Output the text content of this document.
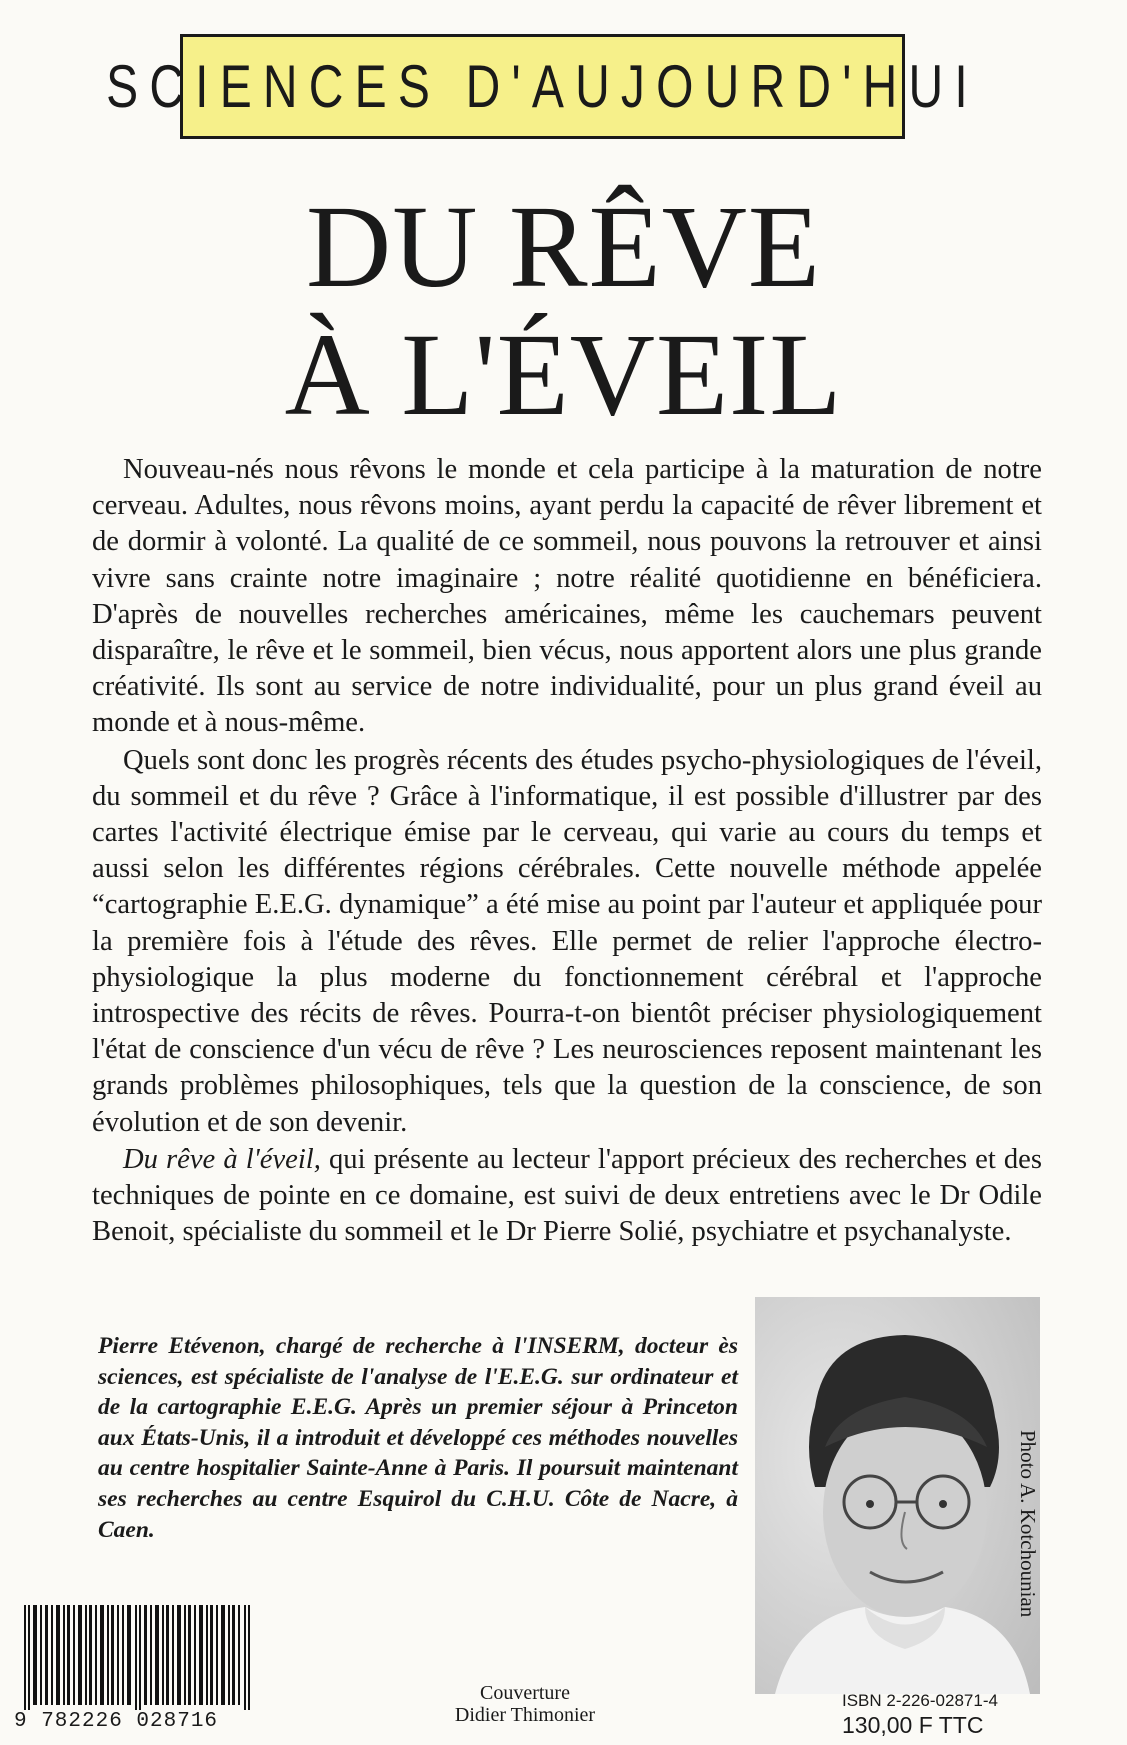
SCIENCES D'AUJOURD'HUI
DU RÊVE
À L'ÉVEIL

Nouveau-nés nous rêvons le monde et cela participe à la maturation de notre cerveau. Adultes, nous rêvons moins, ayant perdu la capacité de rêver librement et de dormir à volonté. La qualité de ce sommeil, nous pouvons la retrouver et ainsi vivre sans crainte notre imaginaire ; notre réalité quotidienne en bénéficiera. D'après de nouvelles recherches américaines, même les cauchemars peuvent disparaître, le rêve et le sommeil, bien vécus, nous apportent alors une plus grande créativité. Ils sont au service de notre individualité, pour un plus grand éveil au monde et à nous-même.

Quels sont donc les progrès récents des études psycho-physiologiques de l'éveil, du sommeil et du rêve ? Grâce à l'informatique, il est possible d'illustrer par des cartes l'activité électrique émise par le cerveau, qui varie au cours du temps et aussi selon les différentes régions cérébrales. Cette nouvelle méthode appelée “cartographie E.E.G. dynamique” a été mise au point par l'auteur et appliquée pour la première fois à l'étude des rêves. Elle permet de relier l'approche électro-physiologique la plus moderne du fonctionnement cérébral et l'approche introspective des récits de rêves. Pourra-t-on bientôt préciser physiologiquement l'état de conscience d'un vécu de rêve ? Les neurosciences reposent maintenant les grands problèmes philosophiques, tels que la question de la conscience, de son évolution et de son devenir.

Du rêve à l'éveil, qui présente au lecteur l'apport précieux des recherches et des techniques de pointe en ce domaine, est suivi de deux entretiens avec le Dr Odile Benoit, spécialiste du sommeil et le Dr Pierre Solié, psychiatre et psychanalyste.

Pierre Etévenon, chargé de recherche à l'INSERM, docteur ès sciences, est spécialiste de l'analyse de l'E.E.G. sur ordinateur et de la cartographie E.E.G. Après un premier séjour à Princeton aux États-Unis, il a introduit et développé ces méthodes nouvelles au centre hospitalier Sainte-Anne à Paris. Il poursuit maintenant ses recherches au centre Esquirol du C.H.U. Côte de Nacre, à Caen.	Photo A. Kotchounian
9 782226 028716
Couverture
Didier Thimonier
ISBN 2-226-02871-4
130,00 F TTC
